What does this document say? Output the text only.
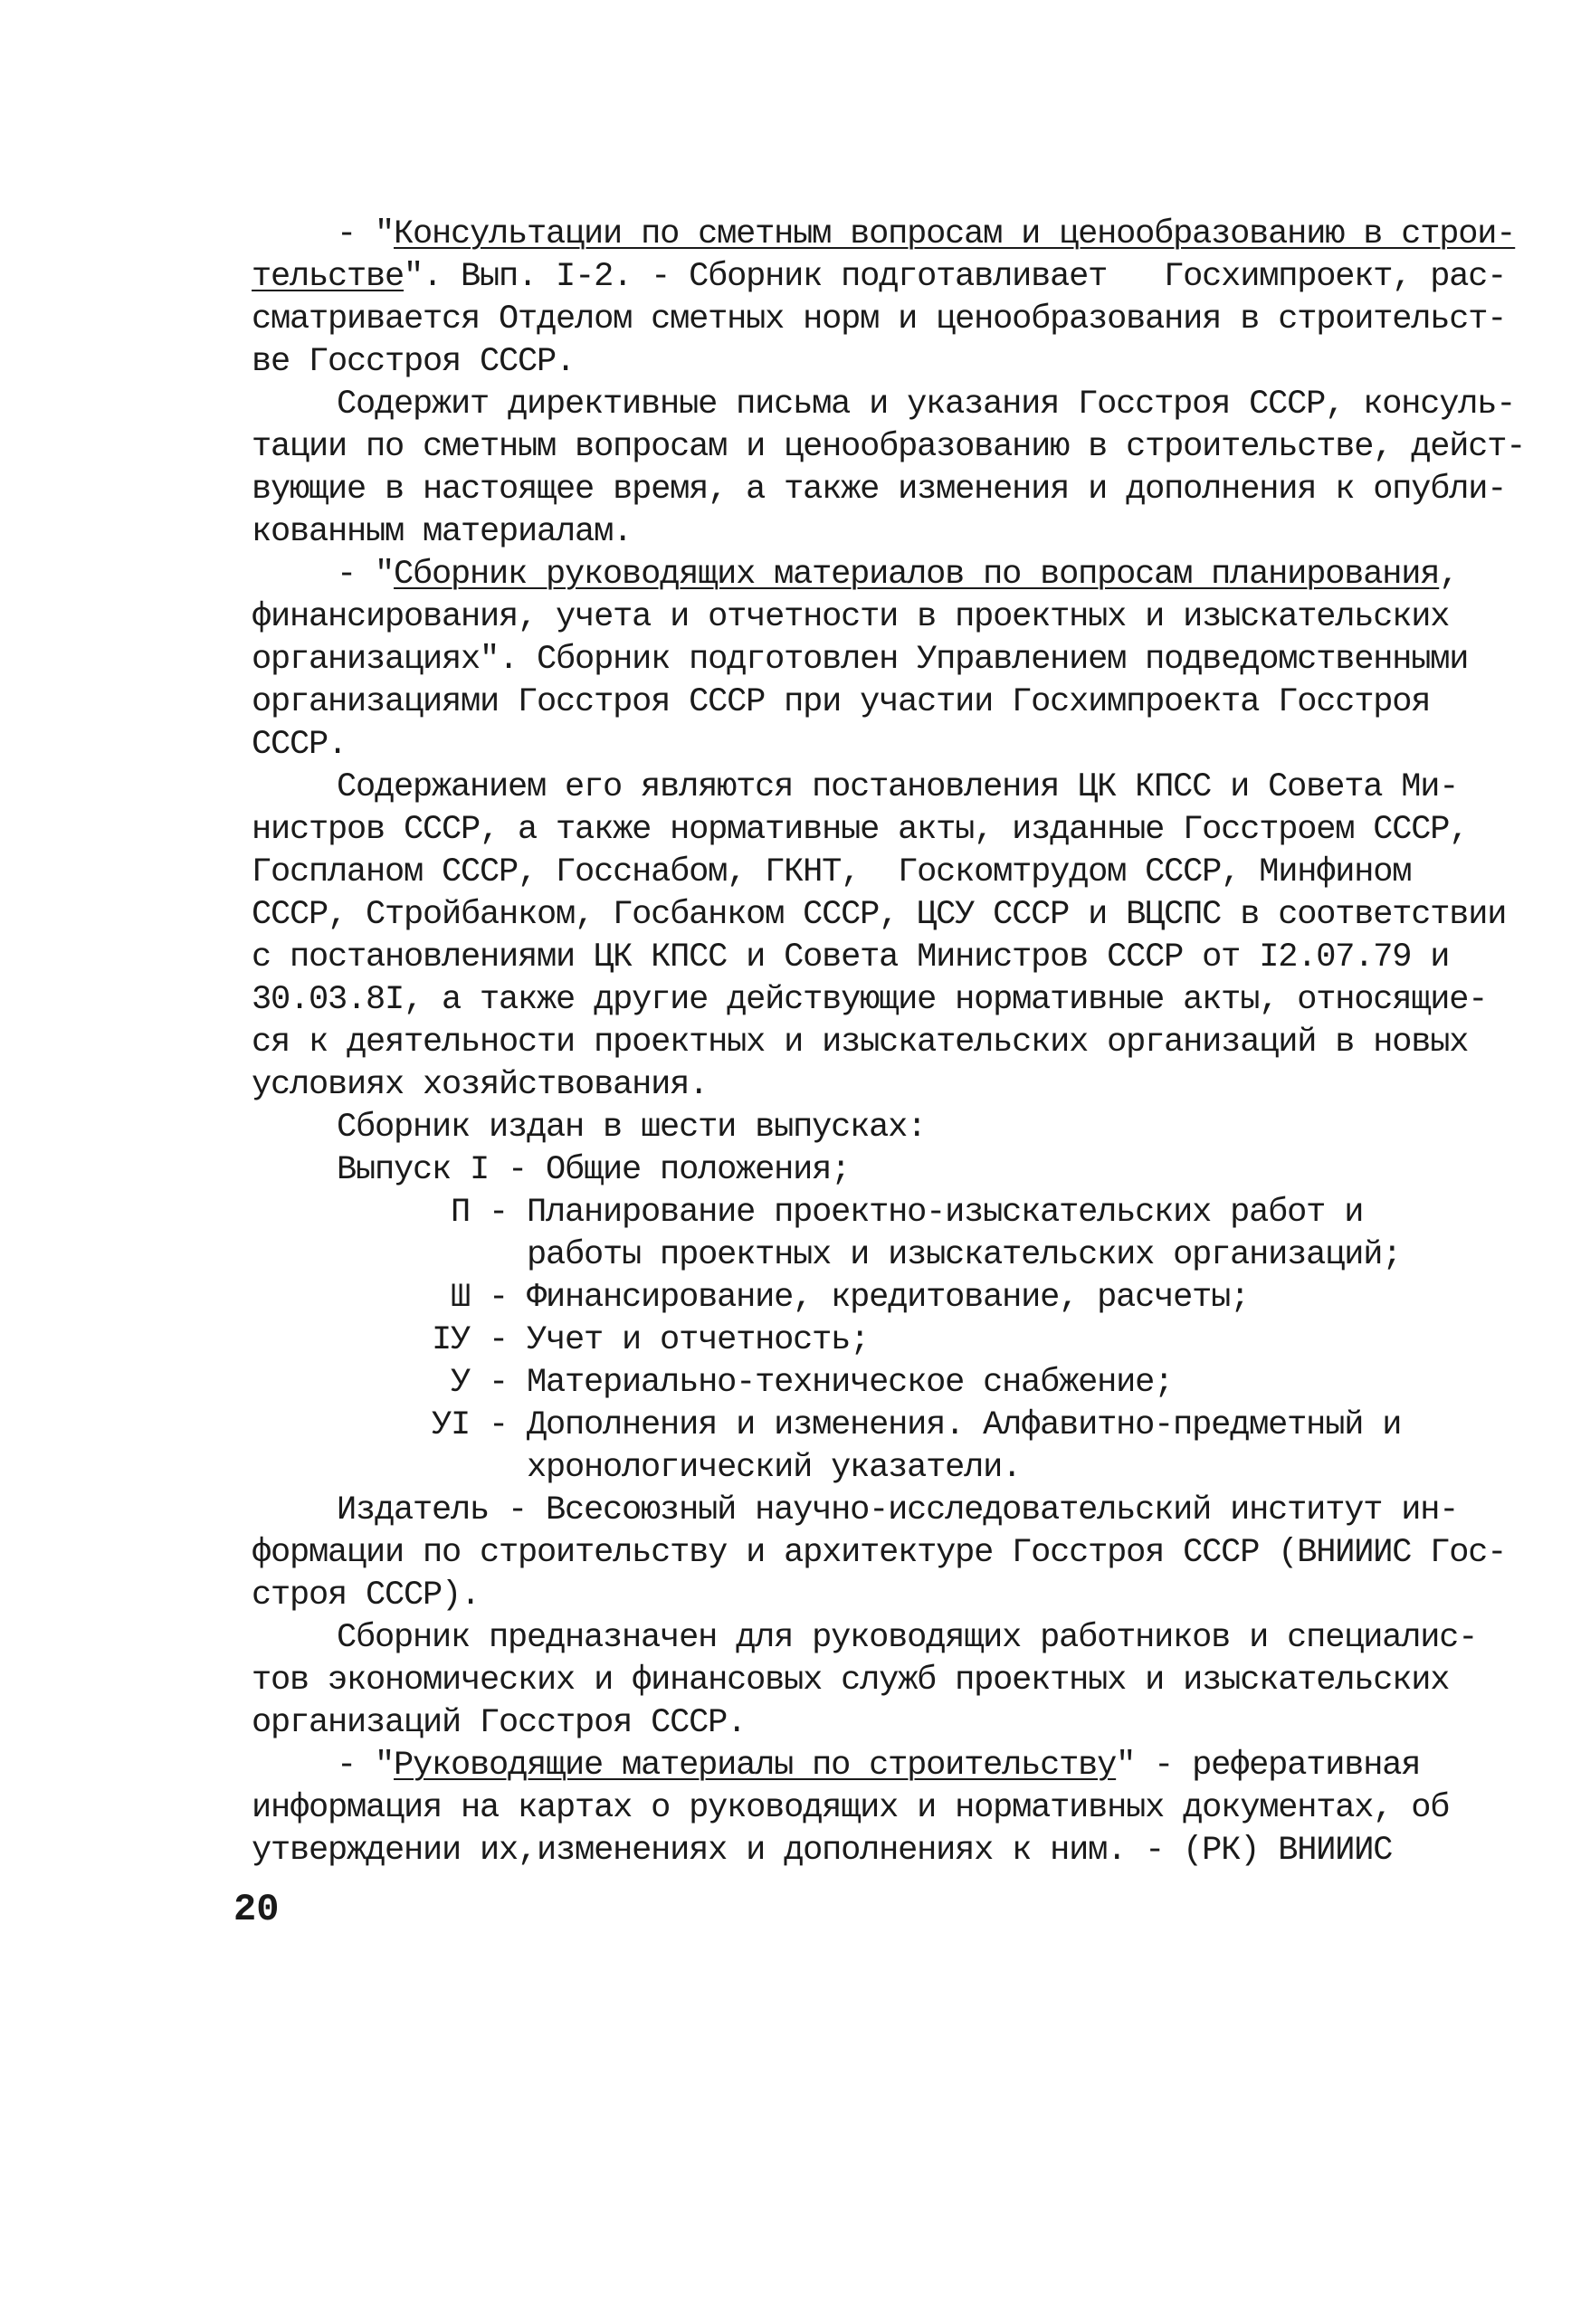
- "Консультации по сметным вопросам и ценообразованию в строи-
тельстве". Вып. I-2. - Сборник подготавливает   Госхимпроект, рас-
сматривается Отделом сметных норм и ценообразования в строительст-
ве Госстроя СССР.
Содержит директивные письма и указания Госстроя СССР, консуль-
тации по сметным вопросам и ценообразованию в строительстве, дейст-
вующие в настоящее время, а также изменения и дополнения к опубли-
кованным материалам.
- "Сборник руководящих материалов по вопросам планирования,
финансирования, учета и отчетности в проектных и изыскательских
организациях". Сборник подготовлен Управлением подведомственными
организациями Госстроя СССР при участии Госхимпроекта Госстроя
СССР.
Содержанием его являются постановления ЦК КПСС и Совета Ми-
нистров СССР, а также нормативные акты, изданные Госстроем СССР,
Госпланом СССР, Госснабом, ГКНТ,  Госкомтрудом СССР, Минфином
СССР, Стройбанком, Госбанком СССР, ЦСУ СССР и ВЦСПС в соответствии
с постановлениями ЦК КПСС и Совета Министров СССР от I2.07.79 и
30.03.8I, а также другие действующие нормативные акты, относящие-
ся к деятельности проектных и изыскательских организаций в новых
условиях хозяйствования.
Сборник издан в шести выпусках:
Выпуск I - Общие положения;
П - Планирование проектно-изыскательских работ и
работы проектных и изыскательских организаций;
Ш - Финансирование, кредитование, расчеты;
IУ - Учет и отчетность;
У - Материально-техническое снабжение;
УI - Дополнения и изменения. Алфавитно-предметный и
хронологический указатели.
Издатель - Всесоюзный научно-исследовательский институт ин-
формации по строительству и архитектуре Госстроя СССР (ВНИИИС Гос-
строя СССР).
Сборник предназначен для руководящих работников и специалис-
тов экономических и финансовых служб проектных и изыскательских
организаций Госстроя СССР.
- "Руководящие материалы по строительству" - реферативная
информация на картах о руководящих и нормативных документах, об
утверждении их,изменениях и дополнениях к ним. - (РК) ВНИИИС
20
